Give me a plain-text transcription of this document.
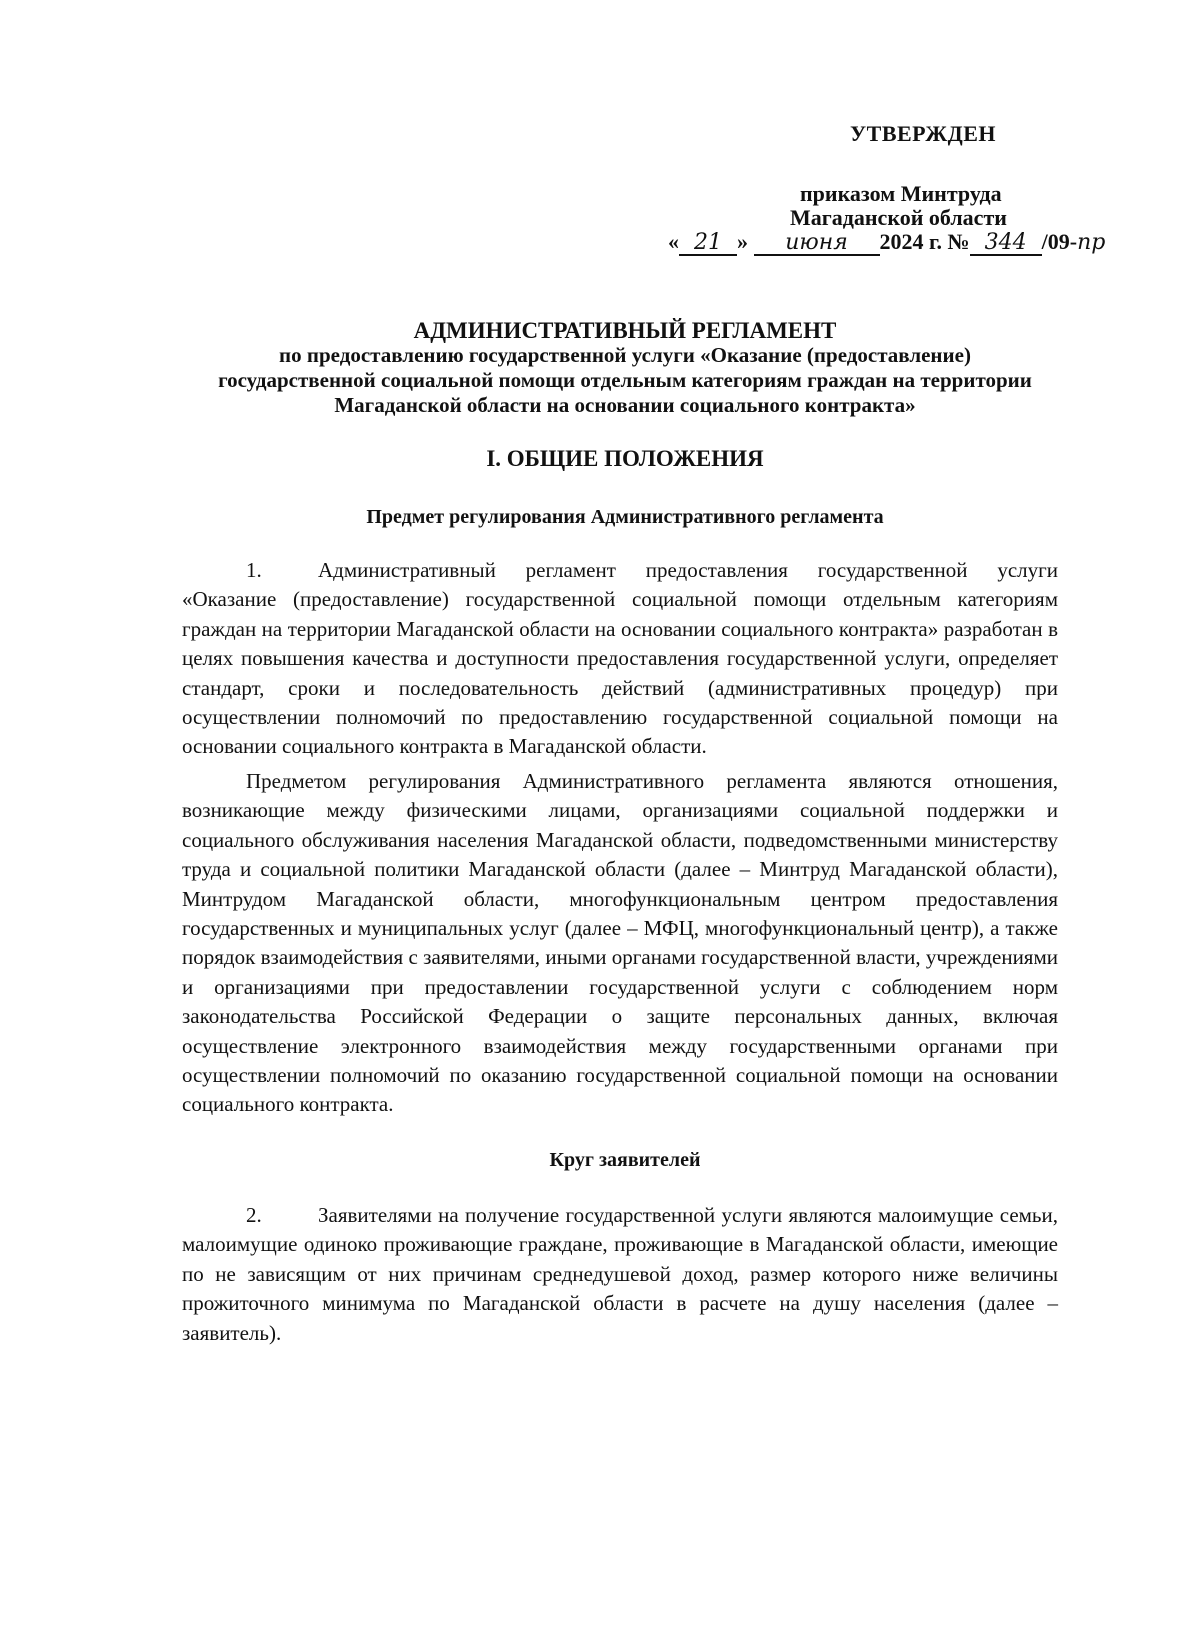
УТВЕРЖДЕН
приказом Минтруда
Магаданской области
« 21 » июня 2024 г. № 344 /09-пр
АДМИНИСТРАТИВНЫЙ РЕГЛАМЕНТ
по предоставлению государственной услуги «Оказание (предоставление)
государственной социальной помощи отдельным категориям граждан на территории
Магаданской области на основании социального контракта»
I. ОБЩИЕ ПОЛОЖЕНИЯ
Предмет регулирования Административного регламента

1.	Административный регламент предоставления государственной услуги «Оказание (предоставление) государственной социальной помощи отдельным категориям граждан на территории Магаданской области на основании социального контракта» разработан в целях повышения качества и доступности предоставления государственной услуги, определяет стандарт, сроки и последовательность действий (административных процедур) при осуществлении полномочий по предоставлению государственной социальной помощи на основании социального контракта в Магаданской области.

Предметом регулирования Административного регламента являются отношения, возникающие между физическими лицами, организациями социальной поддержки и социального обслуживания населения Магаданской области, подведомственными министерству труда и социальной политики Магаданской области (далее – Минтруд Магаданской области), Минтрудом Магаданской области, многофункциональным центром предоставления государственных и муниципальных услуг (далее – МФЦ, многофункциональный центр), а также порядок взаимодействия с заявителями, иными органами государственной власти, учреждениями и организациями при предоставлении государственной услуги с соблюдением норм законодательства Российской Федерации о защите персональных данных, включая осуществление электронного взаимодействия между государственными органами при осуществлении полномочий по оказанию государственной социальной помощи на основании социального контракта.

Круг заявителей

2.	Заявителями на получение государственной услуги являются малоимущие семьи, малоимущие одиноко проживающие граждане, проживающие в Магаданской области, имеющие по не зависящим от них причинам среднедушевой доход, размер которого ниже величины прожиточного минимума по Магаданской области в расчете на душу населения (далее – заявитель).
